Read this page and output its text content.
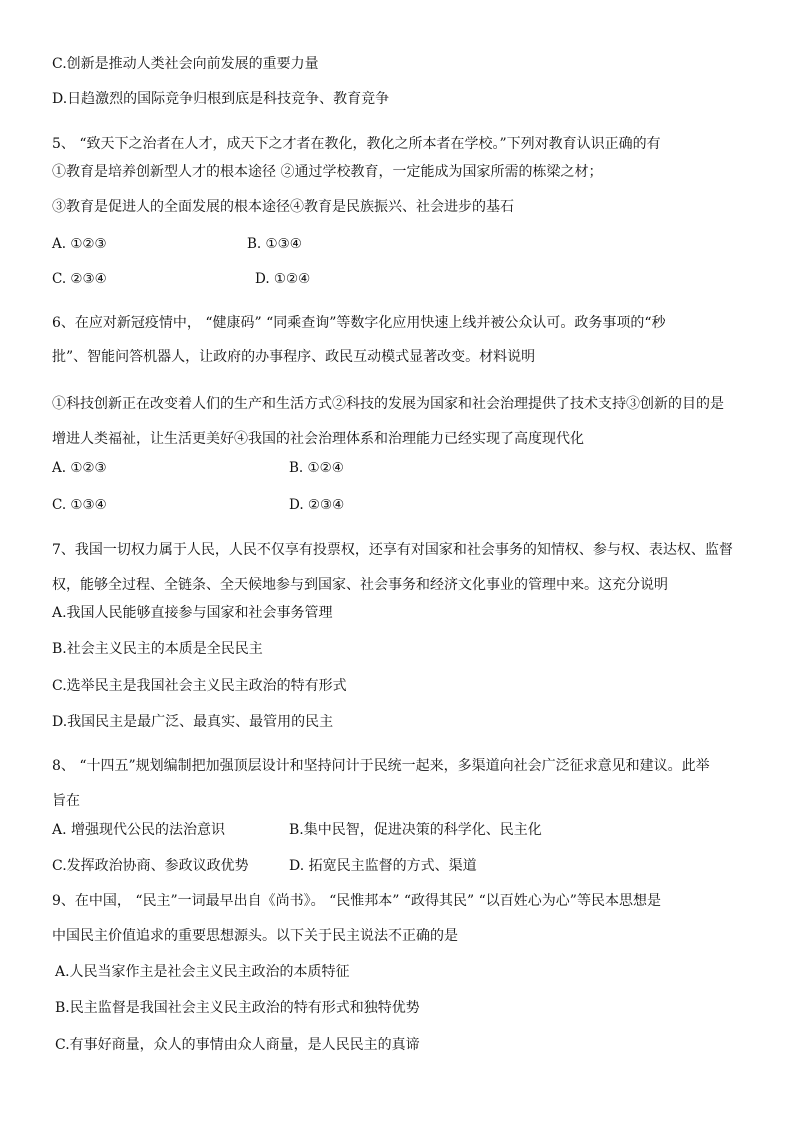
C.创新是推动人类社会向前发展的重要力量
D.日趋激烈的国际竞争归根到底是科技竞争、教育竞争
5、 “致天下之治者在人才，成天下之才者在教化，教化之所本者在学校。”下列对教育认识正确的有
①教育是培养创新型人才的根本途径 ②通过学校教育，一定能成为国家所需的栋梁之材；
③教育是促进人的全面发展的根本途径④教育是民族振兴、社会进步的基石
A. ①②③	B. ①③④
C. ②③④	D. ①②④
6、在应对新冠疫情中， “健康码” “同乘查询”等数字化应用快速上线并被公众认可。政务事项的“秒
批”、智能问答机器人，让政府的办事程序、政民互动模式显著改变。材料说明
①科技创新正在改变着人们的生产和生活方式②科技的发展为国家和社会治理提供了技术支持③创新的目的是
增进人类福祉，让生活更美好④我国的社会治理体系和治理能力已经实现了高度现代化
A. ①②③	B. ①②④
C. ①③④	D. ②③④
7、我国一切权力属于人民，人民不仅享有投票权，还享有对国家和社会事务的知情权、参与权、表达权、监督
权，能够全过程、全链条、全天候地参与到国家、社会事务和经济文化事业的管理中来。这充分说明
A.我国人民能够直接参与国家和社会事务管理
B.社会主义民主的本质是全民民主
C.选举民主是我国社会主义民主政治的特有形式
D.我国民主是最广泛、最真实、最管用的民主
8、 “十四五”规划编制把加强顶层设计和坚持问计于民统一起来，多渠道向社会广泛征求意见和建议。此举
旨在
A. 增强现代公民的法治意识	B.集中民智，促进决策的科学化、民主化
C.发挥政治协商、参政议政优势	D. 拓宽民主监督的方式、渠道
9、在中国， “民主”一词最早出自《尚书》。 “民惟邦本” “政得其民” “以百姓心为心”等民本思想是
中国民主价值追求的重要思想源头。以下关于民主说法不正确的是
A.人民当家作主是社会主义民主政治的本质特征
B.民主监督是我国社会主义民主政治的特有形式和独特优势
C.有事好商量，众人的事情由众人商量，是人民民主的真谛
